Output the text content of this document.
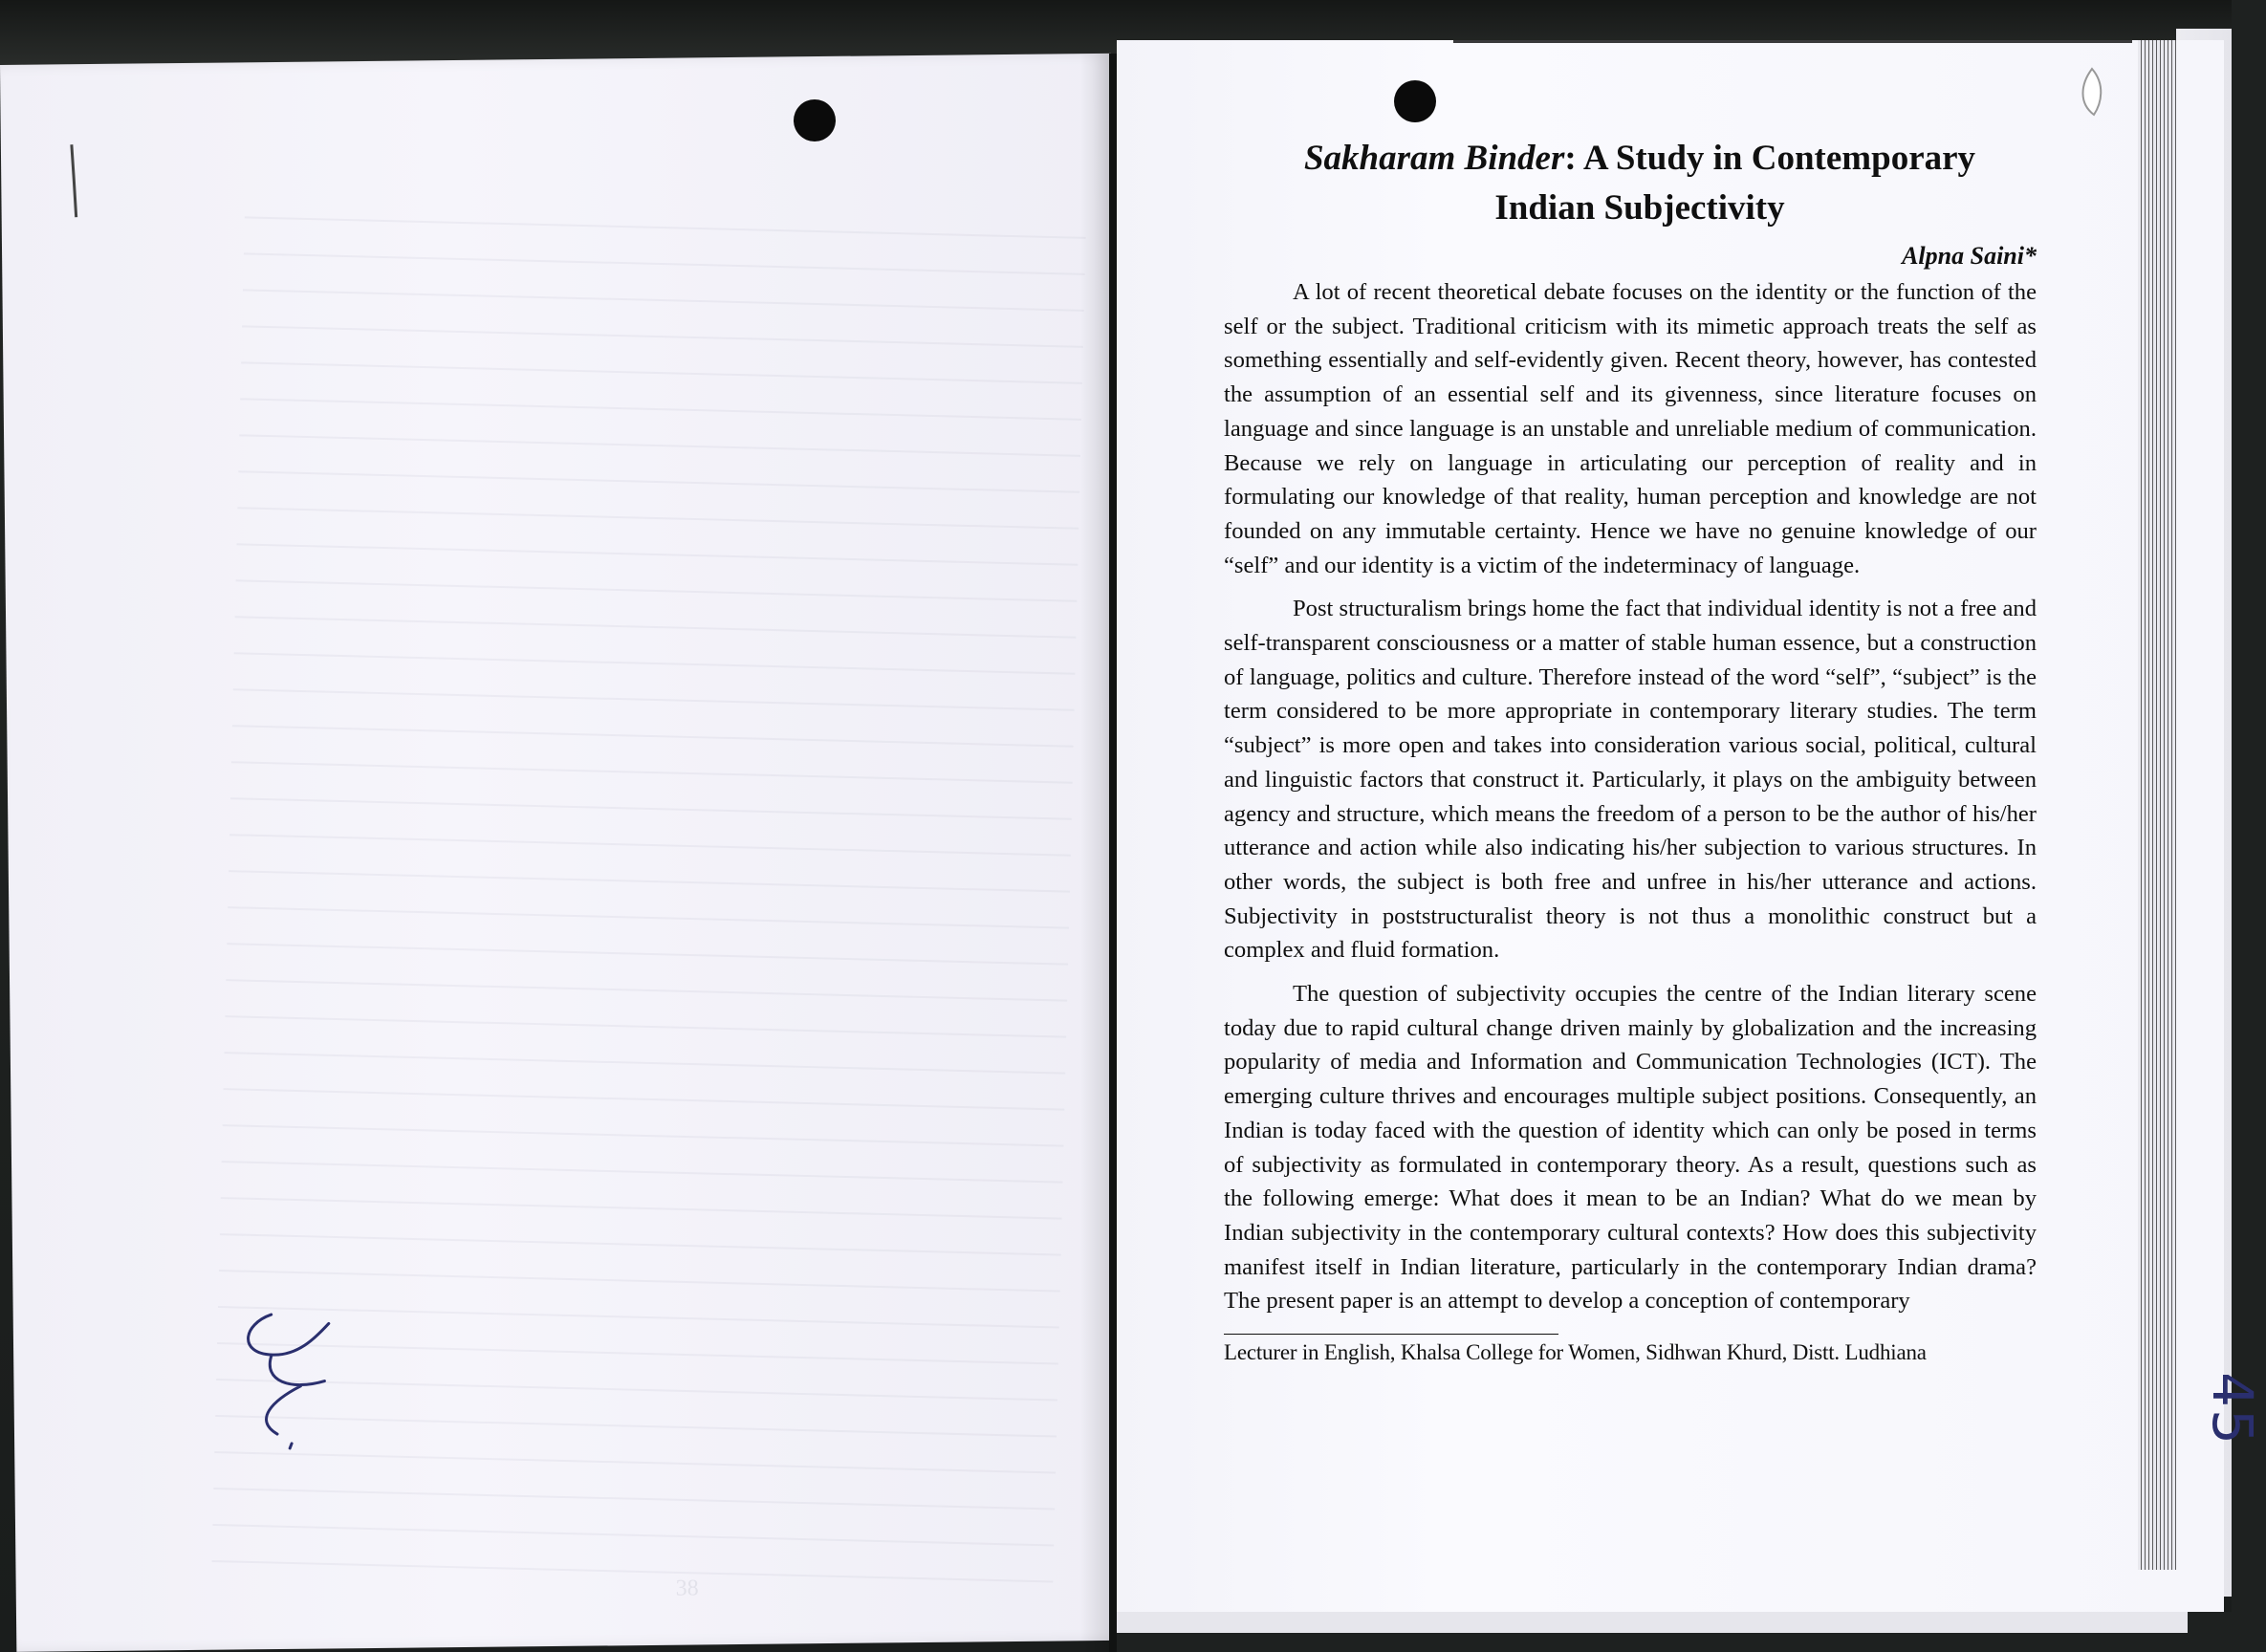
38
Sakharam Binder: A Study in Contemporary
Indian Subjectivity

Alpna Saini*

A lot of recent theoretical debate focuses on the identity or the function of the self or the subject. Traditional criticism with its mimetic approach treats the self as something essentially and self-evidently given. Recent theory, however, has contested the assumption of an essential self and its givenness, since literature focuses on language and since language is an unstable and unreliable medium of communication. Because we rely on language in articulating our perception of reality and in formulating our knowledge of that reality, human perception and knowledge are not founded on any immutable certainty. Hence we have no genuine knowledge of our “self” and our identity is a victim of the indeterminacy of language.

Post structuralism brings home the fact that individual identity is not a free and self-transparent consciousness or a matter of stable human essence, but a construction of language, politics and culture. Therefore instead of the word “self”, “subject” is the term considered to be more appropriate in contemporary literary studies. The term “subject” is more open and takes into consideration various social, political, cultural and linguistic factors that construct it. Particularly, it plays on the ambiguity between agency and structure, which means the freedom of a person to be the author of his/her utterance and action while also indicating his/her subjection to various structures. In other words, the subject is both free and unfree in his/her utterance and actions. Subjectivity in poststructuralist theory is not thus a monolithic construct but a complex and fluid formation.

The question of subjectivity occupies the centre of the Indian literary scene today due to rapid cultural change driven mainly by globalization and the increasing popularity of media and Information and Communication Technologies (ICT). The emerging culture thrives and encourages multiple subject positions. Consequently, an Indian is today faced with the question of identity which can only be posed in terms of subjectivity as formulated in contemporary theory. As a result, questions such as the following emerge: What does it mean to be an Indian? What do we mean by Indian subjectivity in the contemporary cultural contexts? How does this subjectivity manifest itself in Indian literature, particularly in the contemporary Indian drama? The present paper is an attempt to develop a conception of contemporary

Lecturer in English, Khalsa College for Women, Sidhwan Khurd, Distt. Ludhiana

45
